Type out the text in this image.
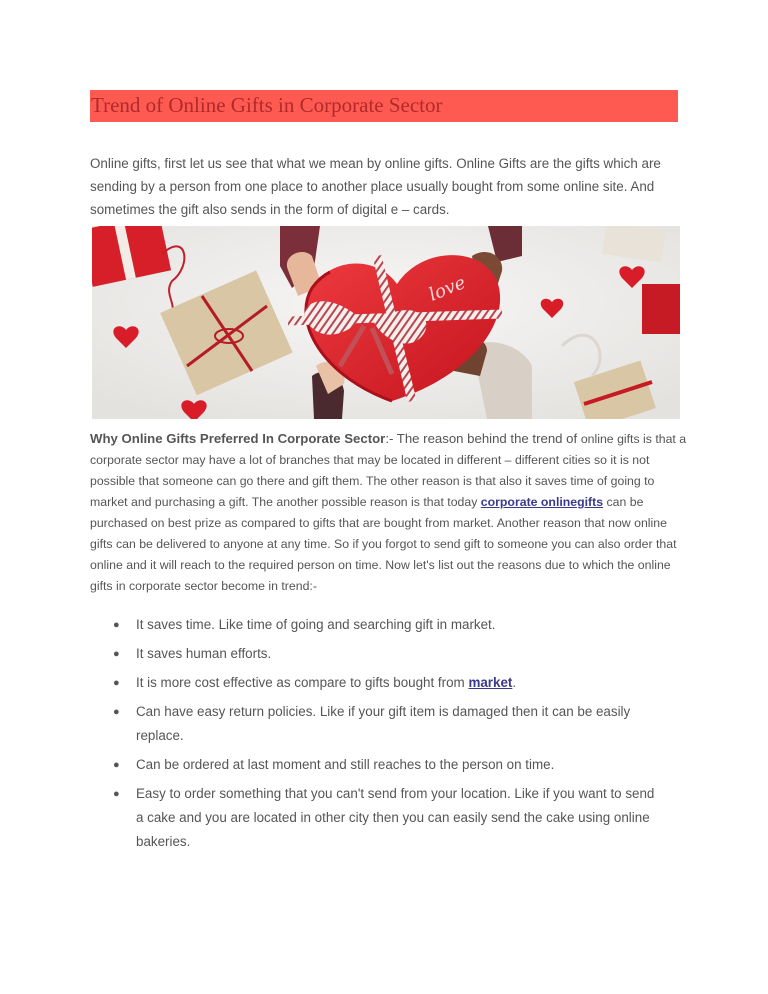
Trend of Online Gifts in Corporate Sector
Online gifts, first let us see that what we mean by online gifts. Online Gifts are the gifts which are sending by a person from one place to another place usually bought from some online site. And sometimes the gift also sends in the form of digital e – cards.
love
Why Online Gifts Preferred In Corporate Sector:- The reason behind the trend of online gifts is that a corporate sector may have a lot of branches that may be located in different – different cities so it is not possible that someone can go there and gift them. The other reason is that also it saves time of going to market and purchasing a gift. The another possible reason is that today corporate onlinegifts can be purchased on best prize as compared to gifts that are bought from market. Another reason that now online gifts can be delivered to anyone at any time. So if you forgot to send gift to someone you can also order that online and it will reach to the required person on time. Now let's list out the reasons due to which the online gifts in corporate sector become in trend:-
● It saves time. Like time of going and searching gift in market.
● It saves human efforts.
● It is more cost effective as compare to gifts bought from market.
● Can have easy return policies. Like if your gift item is damaged then it can be easily replace.
● Can be ordered at last moment and still reaches to the person on time.
● Easy to order something that you can't send from your location. Like if you want to send a cake and you are located in other city then you can easily send the cake using online bakeries.
